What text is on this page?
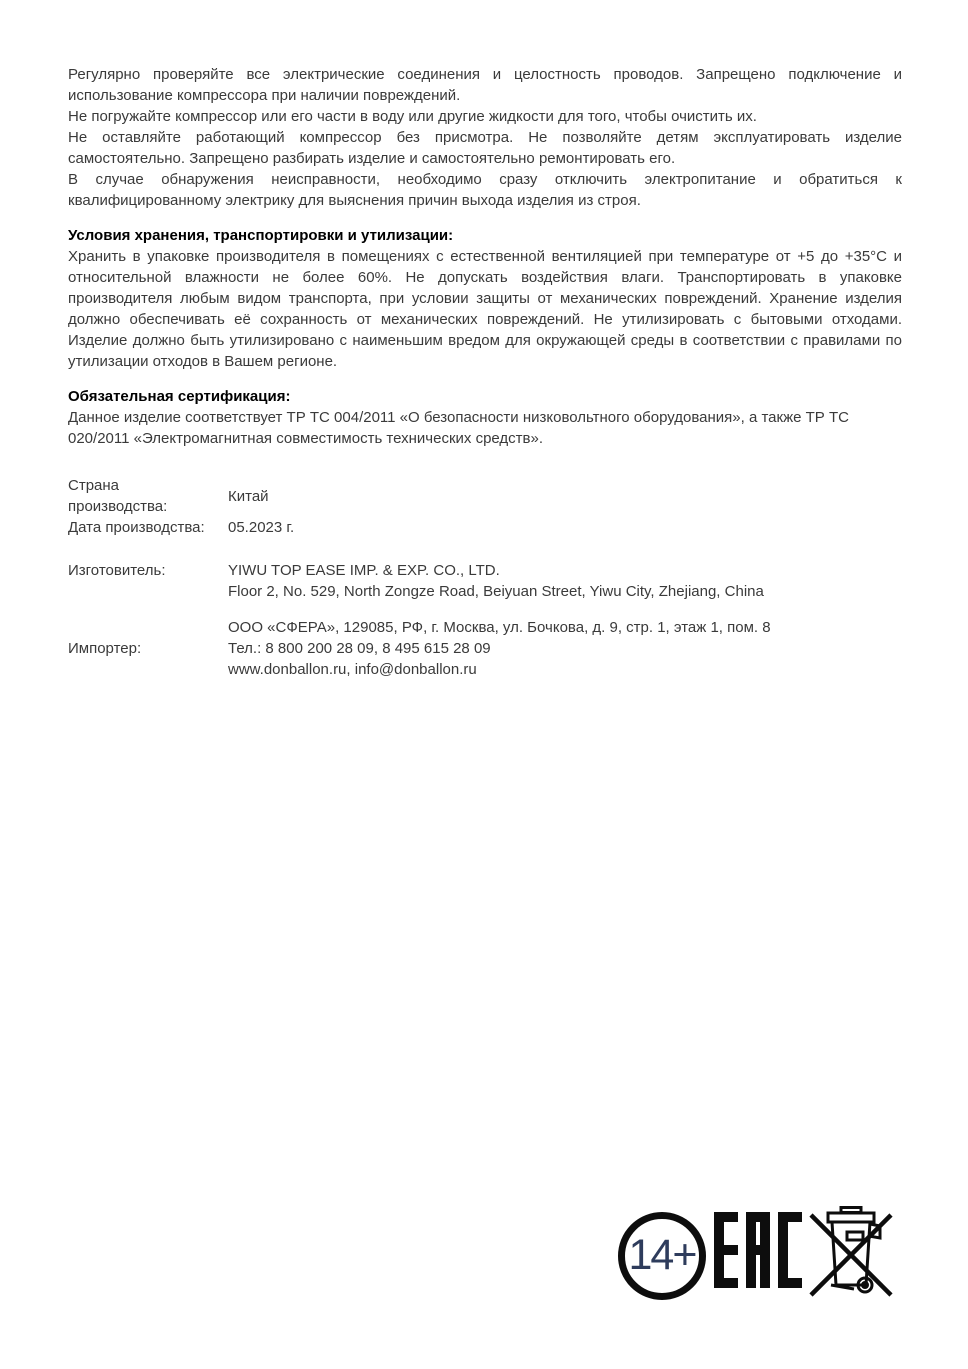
Регулярно проверяйте все электрические соединения и целостность проводов. Запрещено подключение и использование компрессора при наличии повреждений.

Не погружайте компрессор или его части в воду или другие жидкости для того, чтобы очистить их.

Не оставляйте работающий компрессор без присмотра. Не позволяйте детям эксплуатировать изделие самостоятельно. Запрещено разбирать изделие и самостоятельно ремонтировать его.

В случае обнаружения неисправности, необходимо сразу отключить электропитание и обратиться к квалифицированному электрику для выяснения причин выхода изделия из строя.

Условия хранения, транспортировки и утилизации:

Хранить в упаковке производителя в помещениях с естественной вентиляцией при температуре от +5 до +35°С и относительной влажности не более 60%. Не допускать воздействия влаги. Транспортировать в упаковке производителя любым видом транспорта, при условии защиты от механических повреждений. Хранение изделия должно обеспечивать её сохранность от механических повреждений. Не утилизировать с бытовыми отходами. Изделие должно быть утилизировано с наименьшим вредом для окружающей среды в соответствии с правилами по утилизации отходов в Вашем регионе.

Обязательная сертификация:

Данное изделие соответствует ТР ТС 004/2011 «О безопасности низковольтного оборудования», а также ТР ТС 020/2011 «Электромагнитная совместимость технических средств».

Страна производства:
Китай
Дата производства: 05.2023 г.
Изготовитель:	YIWU TOP EASE IMP. & EXP. CO., LTD.
Floor 2, No. 529, North Zongze Road, Beiyuan Street, Yiwu City, Zhejiang, China
Импортер:
ООО «СФЕРА», 129085, РФ, г. Москва, ул. Бочкова, д. 9, стр. 1, этаж 1, пом. 8
Тел.: 8 800 200 28 09, 8 495 615 28 09
www.donballon.ru, info@donballon.ru
14+
